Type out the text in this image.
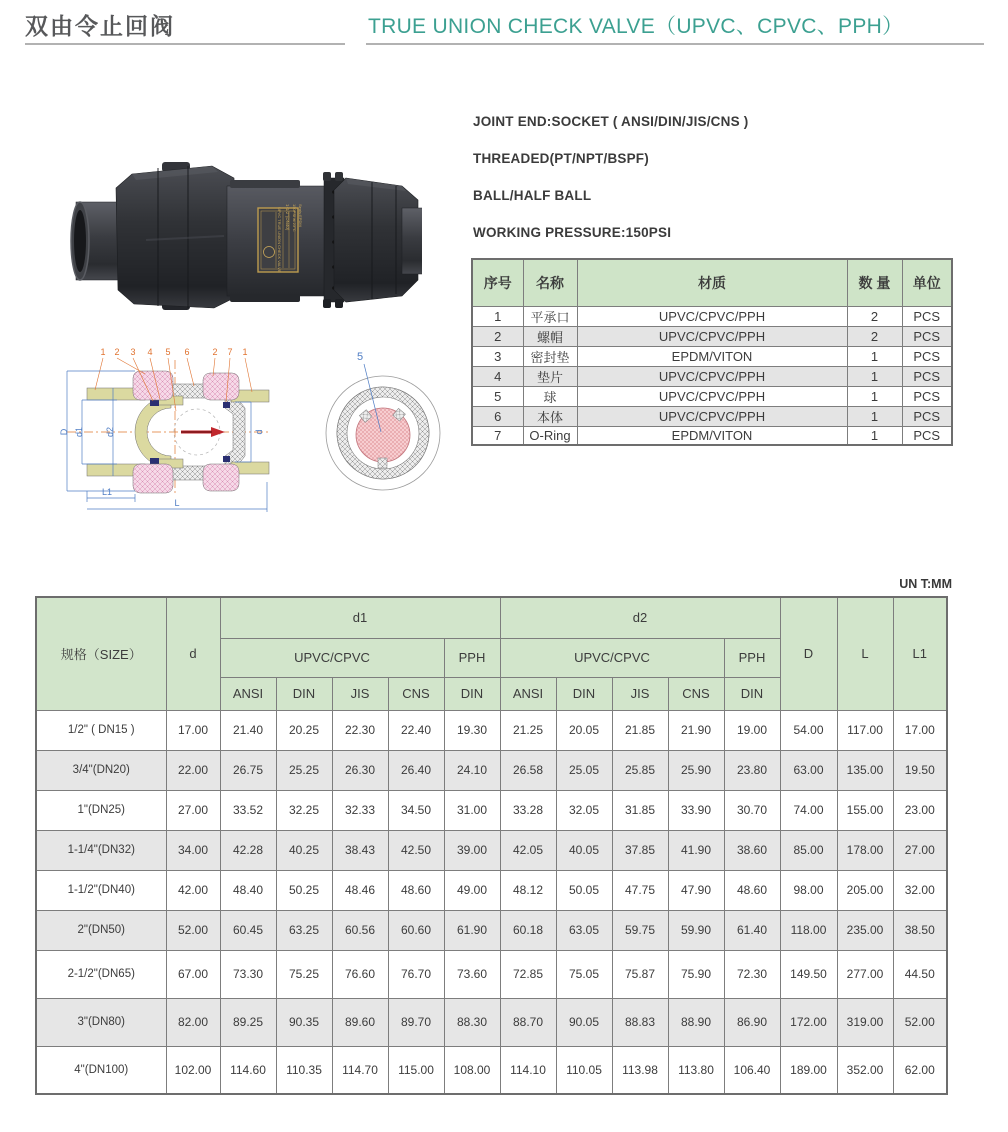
双由令止回阀	TRUE UNION CHECK VALVE（UPVC、CPVC、PPH）
UPVC TRUE UNION CHECK VALVE 1-1/2"(DN40) 150PSI at 23°C Seals:EPDM
1 2 3 4 5 6	2 7 1
D d1 d2	d
L1
L
5
JOINT END:SOCKET ( ANSI/DIN/JIS/CNS )
THREADED(PT/NPT/BSPF)
BALL/HALF BALL
WORKING PRESSURE:150PSI
序号	名称	材质	数 量	单位
1	平承口	UPVC/CPVC/PPH	2	PCS
2	螺帽	UPVC/CPVC/PPH	2	PCS
3	密封垫	EPDM/VITON	1	PCS
4	垫片	UPVC/CPVC/PPH	1	PCS
5	球	UPVC/CPVC/PPH	1	PCS
6	本体	UPVC/CPVC/PPH	1	PCS
7	O-Ring	EPDM/VITON	1	PCS
UN T:MM
规格（SIZE）	d	d1					d2					D	L	L1
		UPVC/CPVC				PPH	UPVC/CPVC				PPH			
		ANSI	DIN	JIS	CNS	DIN	ANSI	DIN	JIS	CNS	DIN			
1/2" ( DN15 )	17.00	21.40	20.25	22.30	22.40	19.30	21.25	20.05	21.85	21.90	19.00	54.00	117.00	17.00
3/4"(DN20)	22.00	26.75	25.25	26.30	26.40	24.10	26.58	25.05	25.85	25.90	23.80	63.00	135.00	19.50
1"(DN25)	27.00	33.52	32.25	32.33	34.50	31.00	33.28	32.05	31.85	33.90	30.70	74.00	155.00	23.00
1-1/4"(DN32)	34.00	42.28	40.25	38.43	42.50	39.00	42.05	40.05	37.85	41.90	38.60	85.00	178.00	27.00
1-1/2"(DN40)	42.00	48.40	50.25	48.46	48.60	49.00	48.12	50.05	47.75	47.90	48.60	98.00	205.00	32.00
2"(DN50)	52.00	60.45	63.25	60.56	60.60	61.90	60.18	63.05	59.75	59.90	61.40	118.00	235.00	38.50
2-1/2"(DN65)	67.00	73.30	75.25	76.60	76.70	73.60	72.85	75.05	75.87	75.90	72.30	149.50	277.00	44.50
3"(DN80)	82.00	89.25	90.35	89.60	89.70	88.30	88.70	90.05	88.83	88.90	86.90	172.00	319.00	52.00
4"(DN100)	102.00	114.60	110.35	114.70	115.00	108.00	114.10	110.05	113.98	113.80	106.40	189.00	352.00	62.00
